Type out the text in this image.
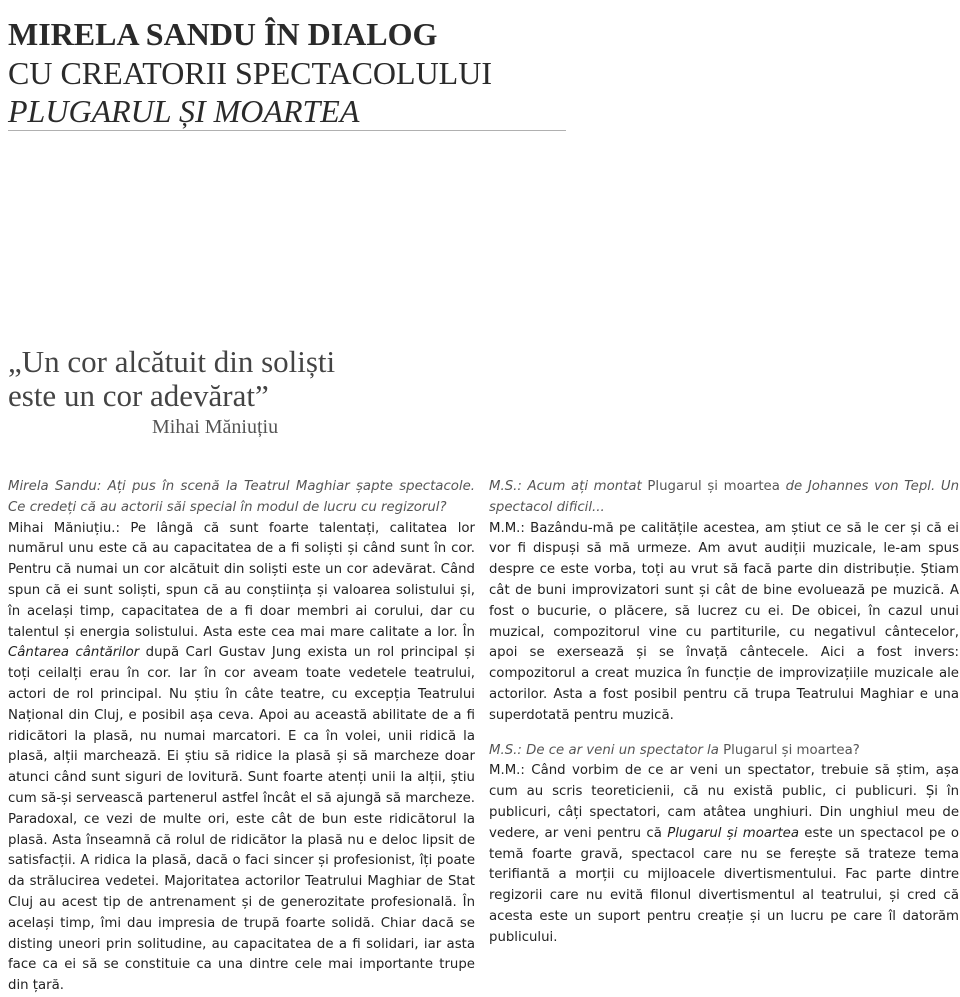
MIRELA SANDU ÎN DIALOG

CU CREATORII SPECTACOLULUI

PLUGARUL ȘI MOARTEA

„Un cor alcătuit din soliști

este un cor adevărat”

Mihai Măniuțiu

Mirela Sandu: Ați pus în scenă la Teatrul Maghiar șapte spectacole. Ce credeți că au actorii săi special în modul de lucru cu regizorul?

Mihai Măniuțiu.: Pe lângă că sunt foarte talentați, calitatea lor numărul unu este că au capacitatea de a fi soliști și când sunt în cor. Pentru că numai un cor alcătuit din soliști este un cor adevărat. Când spun că ei sunt soliști, spun că au conștiința și valoarea solistului și, în același timp, capacitatea de a fi doar membri ai corului, dar cu talentul și energia solistului. Asta este cea mai mare calitate a lor. În Cântarea cântărilor după Carl Gustav Jung exista un rol principal și toți ceilalți erau în cor. Iar în cor aveam toate vedetele teatrului, actori de rol principal. Nu știu în câte teatre, cu excepția Teatrului Național din Cluj, e posibil așa ceva. Apoi au această abilitate de a fi ridicători la plasă, nu numai marcatori. E ca în volei, unii ridică la plasă, alții marchează. Ei știu să ridice la plasă și să marcheze doar atunci când sunt siguri de lovitură. Sunt foarte atenți unii la alții, știu cum să-și servească partenerul astfel încât el să ajungă să marcheze. Paradoxal, ce vezi de multe ori, este cât de bun este ridicătorul la plasă. Asta înseamnă că rolul de ridicător la plasă nu e deloc lipsit de satisfacții. A ridica la plasă, dacă o faci sincer și profesionist, îți poate da strălucirea vedetei. Majoritatea actorilor Teatrului Maghiar de Stat Cluj au acest tip de antrenament și de generozitate profesională. În același timp, îmi dau impresia de trupă foarte solidă. Chiar dacă se disting uneori prin solitudine, au capacitatea de a fi solidari, iar asta face ca ei să se constituie ca una dintre cele mai importante trupe din țară.

M.S.: Acum ați montat Plugarul și moartea de Johannes von Tepl. Un spectacol dificil...

M.M.: Bazându-mă pe calitățile acestea, am știut ce să le cer și că ei vor fi dispuși să mă urmeze. Am avut audiții muzicale, le-am spus despre ce este vorba, toți au vrut să facă parte din distribuție. Știam cât de buni improvizatori sunt și cât de bine evoluează pe muzică. A fost o bucurie, o plăcere, să lucrez cu ei. De obicei, în cazul unui muzical, compozitorul vine cu partiturile, cu negativul cântecelor, apoi se exersează și se învață cântecele. Aici a fost invers: compozitorul a creat muzica în funcție de improvizațiile muzicale ale actorilor. Asta a fost posibil pentru că trupa Teatrului Maghiar e una superdotată pentru muzică.

M.S.: De ce ar veni un spectator la Plugarul și moartea?

M.M.: Când vorbim de ce ar veni un spectator, trebuie să știm, așa cum au scris teoreticienii, că nu există public, ci publicuri. Și în publicuri, câți spectatori, cam atâtea unghiuri. Din unghiul meu de vedere, ar veni pentru că Plugarul și moartea este un spectacol pe o temă foarte gravă, spectacol care nu se ferește să trateze tema terifiantă a morții cu mijloacele divertismentului. Fac parte dintre regizorii care nu evită filonul divertismentul al teatrului, și cred că acesta este un suport pentru creație și un lucru pe care îl datorăm publicului.
